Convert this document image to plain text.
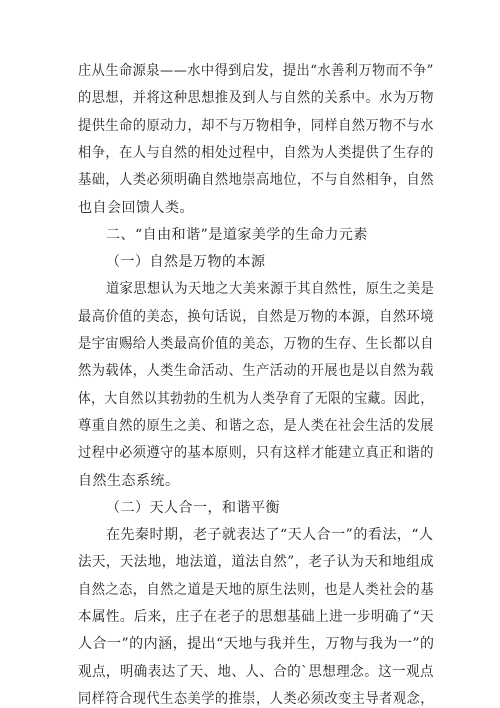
庄从生命源泉——水中得到启发，提出“水善利万物而不争”
的思想，并将这种思想推及到人与自然的关系中。水为万物
提供生命的原动力，却不与万物相争，同样自然万物不与水
相争，在人与自然的相处过程中，自然为人类提供了生存的
基础，人类必须明确自然地崇高地位，不与自然相争，自然
也自会回馈人类。
二、“自由和谐”是道家美学的生命力元素
（一）自然是万物的本源
道家思想认为天地之大美来源于其自然性，原生之美是
最高价值的美态，换句话说，自然是万物的本源，自然环境
是宇宙赐给人类最高价值的美态，万物的生存、生长都以自
然为载体，人类生命活动、生产活动的开展也是以自然为载
体，大自然以其勃勃的生机为人类孕育了无限的宝藏。因此，
尊重自然的原生之美、和谐之态，是人类在社会生活的发展
过程中必须遵守的基本原则，只有这样才能建立真正和谐的
自然生态系统。
（二）天人合一，和谐平衡
在先秦时期，老子就表达了“天人合一”的看法，“人
法天，天法地，地法道，道法自然”，老子认为天和地组成
自然之态，自然之道是天地的原生法则，也是人类社会的基
本属性。后来，庄子在老子的思想基础上进一步明确了“天
人合一”的内涵，提出“天地与我并生，万物与我为一”的
观点，明确表达了天、地、人、合的`思想理念。这一观点
同样符合现代生态美学的推崇，人类必须改变主导者观念，
